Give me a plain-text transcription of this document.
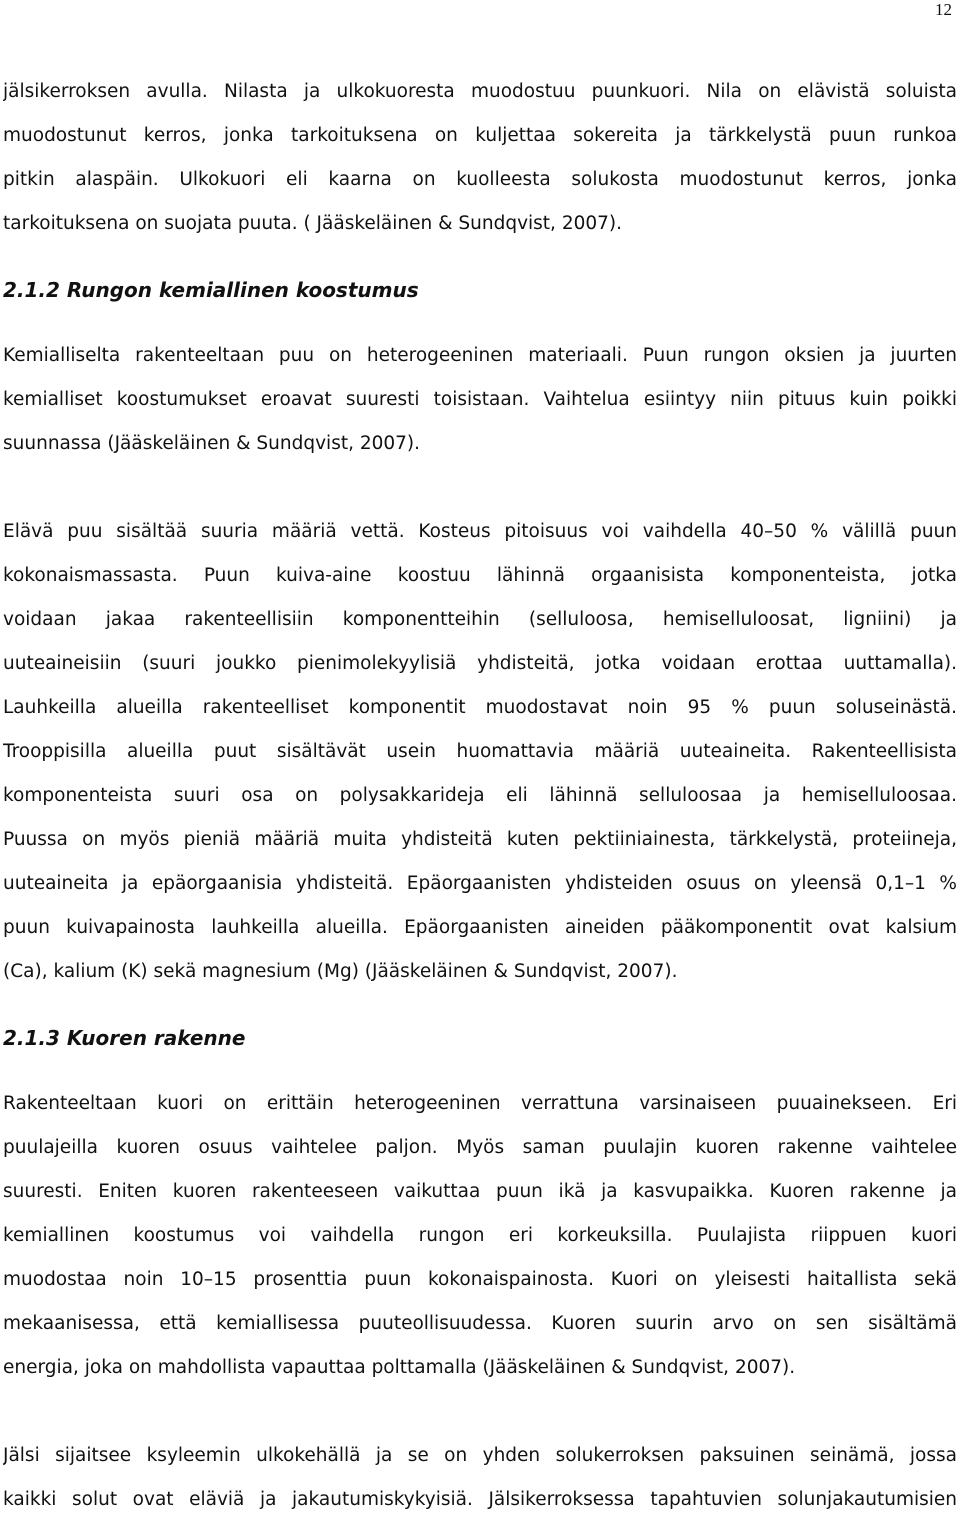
12
jälsikerroksen avulla. Nilasta ja ulkokuoresta muodostuu puunkuori. Nila on elävistä soluista
muodostunut kerros, jonka tarkoituksena on kuljettaa sokereita ja tärkkelystä puun runkoa
pitkin alaspäin. Ulkokuori eli kaarna on kuolleesta solukosta muodostunut kerros, jonka
tarkoituksena on suojata puuta. ( Jääskeläinen & Sundqvist, 2007).
2.1.2 Rungon kemiallinen koostumus
Kemialliselta rakenteeltaan puu on heterogeeninen materiaali. Puun rungon oksien ja juurten
kemialliset koostumukset eroavat suuresti toisistaan. Vaihtelua esiintyy niin pituus kuin poikki
suunnassa (Jääskeläinen & Sundqvist, 2007).
Elävä puu sisältää suuria määriä vettä. Kosteus pitoisuus voi vaihdella 40–50 % välillä puun
kokonaismassasta. Puun kuiva-aine koostuu lähinnä orgaanisista komponenteista, jotka
voidaan jakaa rakenteellisiin komponentteihin (selluloosa, hemiselluloosat, ligniini) ja
uuteaineisiin (suuri joukko pienimolekyylisiä yhdisteitä, jotka voidaan erottaa uuttamalla).
Lauhkeilla alueilla rakenteelliset komponentit muodostavat noin 95 % puun soluseinästä.
Trooppisilla alueilla puut sisältävät usein huomattavia määriä uuteaineita. Rakenteellisista
komponenteista suuri osa on polysakkarideja eli lähinnä selluloosaa ja hemiselluloosaa.
Puussa on myös pieniä määriä muita yhdisteitä kuten pektiiniainesta, tärkkelystä, proteiineja,
uuteaineita ja epäorgaanisia yhdisteitä. Epäorgaanisten yhdisteiden osuus on yleensä 0,1–1 %
puun kuivapainosta lauhkeilla alueilla. Epäorgaanisten aineiden pääkomponentit ovat kalsium
(Ca), kalium (K) sekä magnesium (Mg) (Jääskeläinen & Sundqvist, 2007).
2.1.3 Kuoren rakenne
Rakenteeltaan kuori on erittäin heterogeeninen verrattuna varsinaiseen puuainekseen. Eri
puulajeilla kuoren osuus vaihtelee paljon. Myös saman puulajin kuoren rakenne vaihtelee
suuresti. Eniten kuoren rakenteeseen vaikuttaa puun ikä ja kasvupaikka. Kuoren rakenne ja
kemiallinen koostumus voi vaihdella rungon eri korkeuksilla. Puulajista riippuen kuori
muodostaa noin 10–15 prosenttia puun kokonaispainosta. Kuori on yleisesti haitallista sekä
mekaanisessa, että kemiallisessa puuteollisuudessa. Kuoren suurin arvo on sen sisältämä
energia, joka on mahdollista vapauttaa polttamalla (Jääskeläinen & Sundqvist, 2007).
Jälsi sijaitsee ksyleemin ulkokehällä ja se on yhden solukerroksen paksuinen seinämä, jossa
kaikki solut ovat eläviä ja jakautumiskykyisiä. Jälsikerroksessa tapahtuvien solunjakautumisien
